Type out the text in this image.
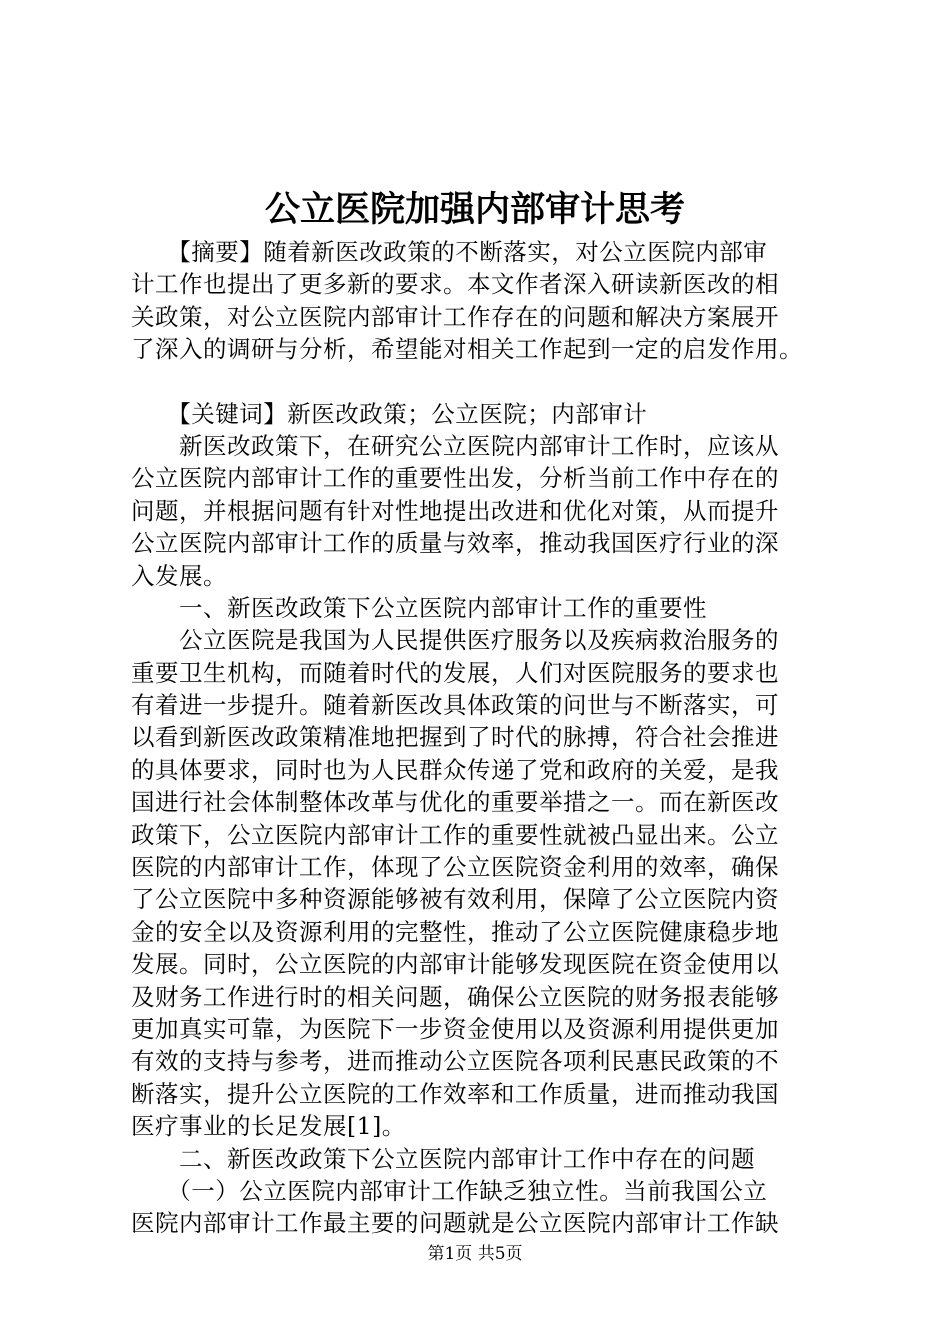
公立医院加强内部审计思考
　　【摘要】随着新医改政策的不断落实，对公立医院内部审
计工作也提出了更多新的要求。本文作者深入研读新医改的相
关政策，对公立医院内部审计工作存在的问题和解决方案展开
了深入的调研与分析，希望能对相关工作起到一定的启发作用。
　　【关键词】新医改政策；公立医院；内部审计
　　新医改政策下，在研究公立医院内部审计工作时，应该从
公立医院内部审计工作的重要性出发，分析当前工作中存在的
问题，并根据问题有针对性地提出改进和优化对策，从而提升
公立医院内部审计工作的质量与效率，推动我国医疗行业的深
入发展。
　　一、新医改政策下公立医院内部审计工作的重要性
　　公立医院是我国为人民提供医疗服务以及疾病救治服务的
重要卫生机构，而随着时代的发展，人们对医院服务的要求也
有着进一步提升。随着新医改具体政策的问世与不断落实，可
以看到新医改政策精准地把握到了时代的脉搏，符合社会推进
的具体要求，同时也为人民群众传递了党和政府的关爱，是我
国进行社会体制整体改革与优化的重要举措之一。而在新医改
政策下，公立医院内部审计工作的重要性就被凸显出来。公立
医院的内部审计工作，体现了公立医院资金利用的效率，确保
了公立医院中多种资源能够被有效利用，保障了公立医院内资
金的安全以及资源利用的完整性，推动了公立医院健康稳步地
发展。同时，公立医院的内部审计能够发现医院在资金使用以
及财务工作进行时的相关问题，确保公立医院的财务报表能够
更加真实可靠，为医院下一步资金使用以及资源利用提供更加
有效的支持与参考，进而推动公立医院各项利民惠民政策的不
断落实，提升公立医院的工作效率和工作质量，进而推动我国
医疗事业的长足发展[1]。
　　二、新医改政策下公立医院内部审计工作中存在的问题
　　（一）公立医院内部审计工作缺乏独立性。当前我国公立
医院内部审计工作最主要的问题就是公立医院内部审计工作缺
第1页 共5页
